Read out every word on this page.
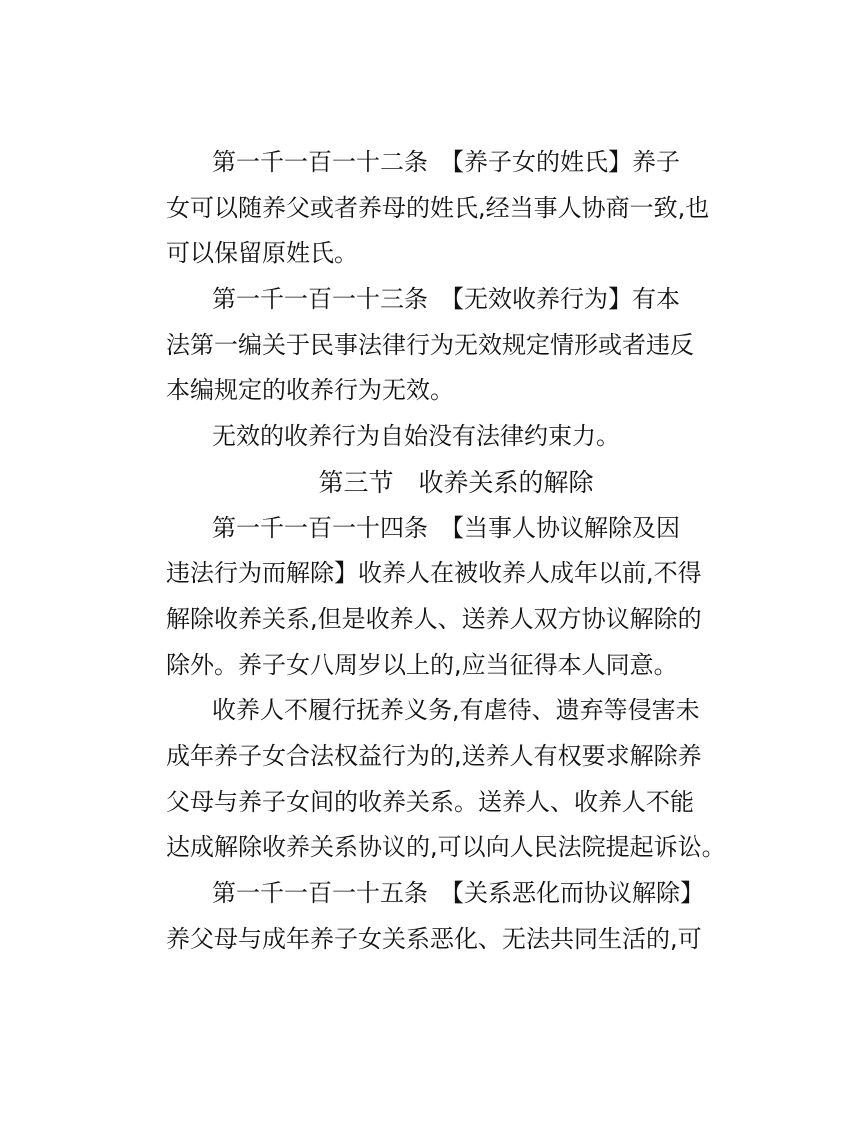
第一千一百一十二条　【养子女的姓氏】养子
女可以随养父或者养母的姓氏,经当事人协商一致,也
可以保留原姓氏。
第一千一百一十三条　【无效收养行为】有本
法第一编关于民事法律行为无效规定情形或者违反
本编规定的收养行为无效。
无效的收养行为自始没有法律约束力。
第三节　收养关系的解除
第一千一百一十四条　【当事人协议解除及因
违法行为而解除】收养人在被收养人成年以前,不得
解除收养关系,但是收养人、送养人双方协议解除的
除外。养子女八周岁以上的,应当征得本人同意。
收养人不履行抚养义务,有虐待、遗弃等侵害未
成年养子女合法权益行为的,送养人有权要求解除养
父母与养子女间的收养关系。送养人、收养人不能
达成解除收养关系协议的,可以向人民法院提起诉讼。
第一千一百一十五条　【关系恶化而协议解除】
养父母与成年养子女关系恶化、无法共同生活的,可
